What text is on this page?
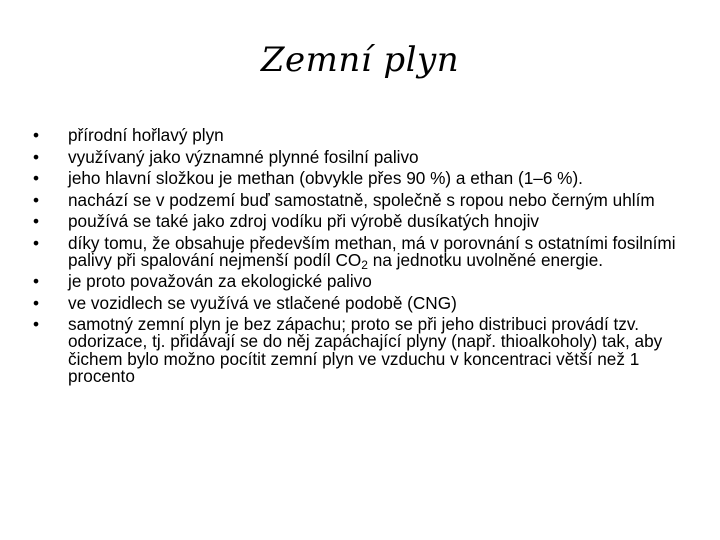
Zemní plyn
• přírodní hořlavý plyn
• využívaný jako významné plynné fosilní palivo
• jeho hlavní složkou je methan (obvykle přes 90 %) a ethan (1–6 %).
• nachází se v podzemí buď samostatně, společně s ropou nebo černým uhlím
• používá se také jako zdroj vodíku při výrobě dusíkatých hnojiv
• díky tomu, že obsahuje především methan, má v porovnání s ostatními fosilními palivy při spalování nejmenší podíl $CO_2$ na jednotku uvolněné energie.
• je proto považován za ekologické palivo
• ve vozidlech se využívá ve stlačené podobě (CNG)
• samotný zemní plyn je bez zápachu; proto se při jeho distribuci provádí tzv. odorizace, tj. přidávají se do něj zapáchající plyny (např. thioalkoholy) tak, aby čichem bylo možno pocítit zemní plyn ve vzduchu v koncentraci větší než 1 procento
